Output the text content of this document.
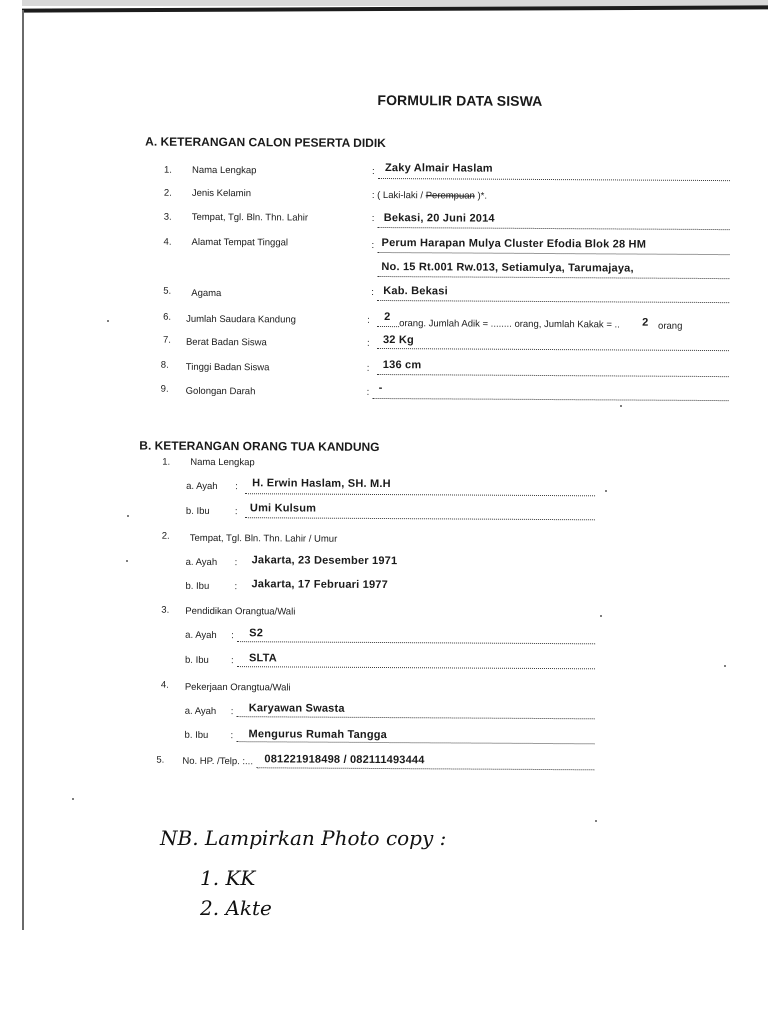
FORMULIR DATA SISWA
A. KETERANGAN CALON PESERTA DIDIK
1. Nama Lengkap	: Zaky Almair Haslam
2. Jenis Kelamin	: ( Laki-laki / Perempuan )*.
3. Tempat, Tgl. Bln. Thn. Lahir	: Bekasi, 20 Juni 2014
4. Alamat Tempat Tinggal	: Perum Harapan Mulya Cluster Efodia Blok 28 HM
No. 15 Rt.001 Rw.013, Setiamulya, Tarumajaya,
5. Agama	: Kab. Bekasi
6. Jumlah Saudara Kandung	: 2
orang. Jumlah Adik = ........ orang, Jumlah Kakak = .. 2 orang
7. Berat Badan Siswa	: 32 Kg
8. Tinggi Badan Siswa	: 136 cm
9. Golongan Darah	: -
B. KETERANGAN ORANG TUA KANDUNG
1. Nama Lengkap
a. Ayah : H. Erwin Haslam, SH. M.H
b. Ibu	: Umi Kulsum
2. Tempat, Tgl. Bln. Thn. Lahir / Umur
a. Ayah : Jakarta, 23 Desember 1971
b. Ibu	: Jakarta, 17 Februari 1977
3. Pendidikan Orangtua/Wali
a. Ayah : S2
b. Ibu : SLTA
4. Pekerjaan Orangtua/Wali
a. Ayah : Karyawan Swasta
b. Ibu : Mengurus Rumah Tangga
5. No. HP. /Telp. :... 081221918498 / 082111493444
NB. Lampirkan Photo copy :
1. KK
2. Akte
